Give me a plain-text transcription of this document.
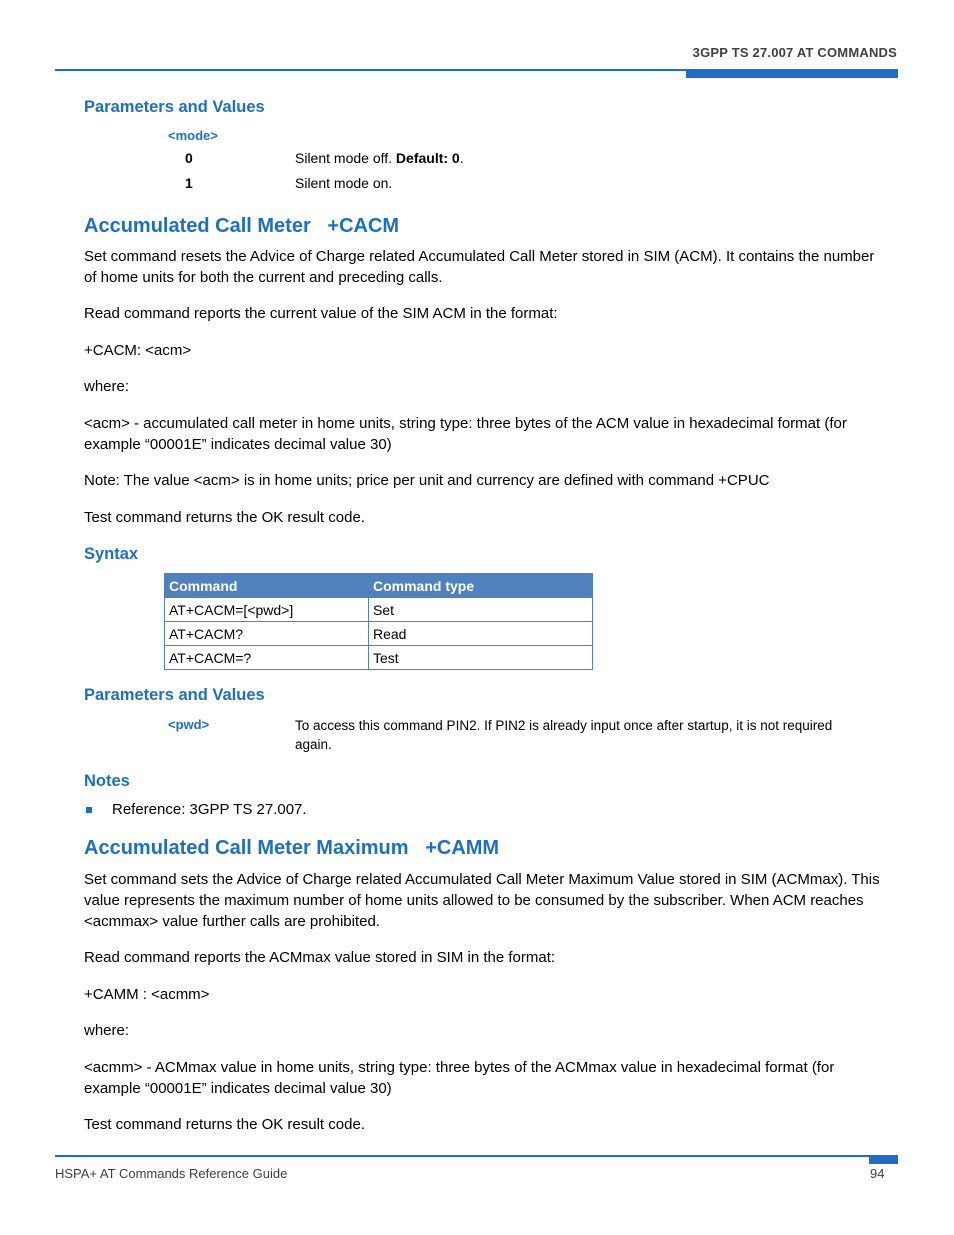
3GPP TS 27.007 AT COMMANDS
Parameters and Values
<mode>
0	Silent mode off. Default: 0.
1	Silent mode on.
Accumulated Call Meter   +CACM
Set command resets the Advice of Charge related Accumulated Call Meter stored in SIM (ACM). It contains the number of home units for both the current and preceding calls.
Read command reports the current value of the SIM ACM in the format:
+CACM: <acm>
where:
<acm> - accumulated call meter in home units, string type: three bytes of the ACM value in hexadecimal format (for example “00001E” indicates decimal value 30)
Note: The value <acm> is in home units; price per unit and currency are defined with command +CPUC
Test command returns the OK result code.
Syntax
Command	Command type
AT+CACM=[<pwd>]	Set
AT+CACM?	Read
AT+CACM=?	Test
Parameters and Values
<pwd>	To access this command PIN2. If PIN2 is already input once after startup, it is not required again.
Notes
Reference: 3GPP TS 27.007.
Accumulated Call Meter Maximum   +CAMM
Set command sets the Advice of Charge related Accumulated Call Meter Maximum Value stored in SIM (ACMmax). This value represents the maximum number of home units allowed to be consumed by the subscriber. When ACM reaches <acmmax> value further calls are prohibited.
Read command reports the ACMmax value stored in SIM in the format:
+CAMM : <acmm>
where:
<acmm> - ACMmax value in home units, string type: three bytes of the ACMmax value in hexadecimal format (for example “00001E” indicates decimal value 30)
Test command returns the OK result code.
HSPA+ AT Commands Reference Guide	94
